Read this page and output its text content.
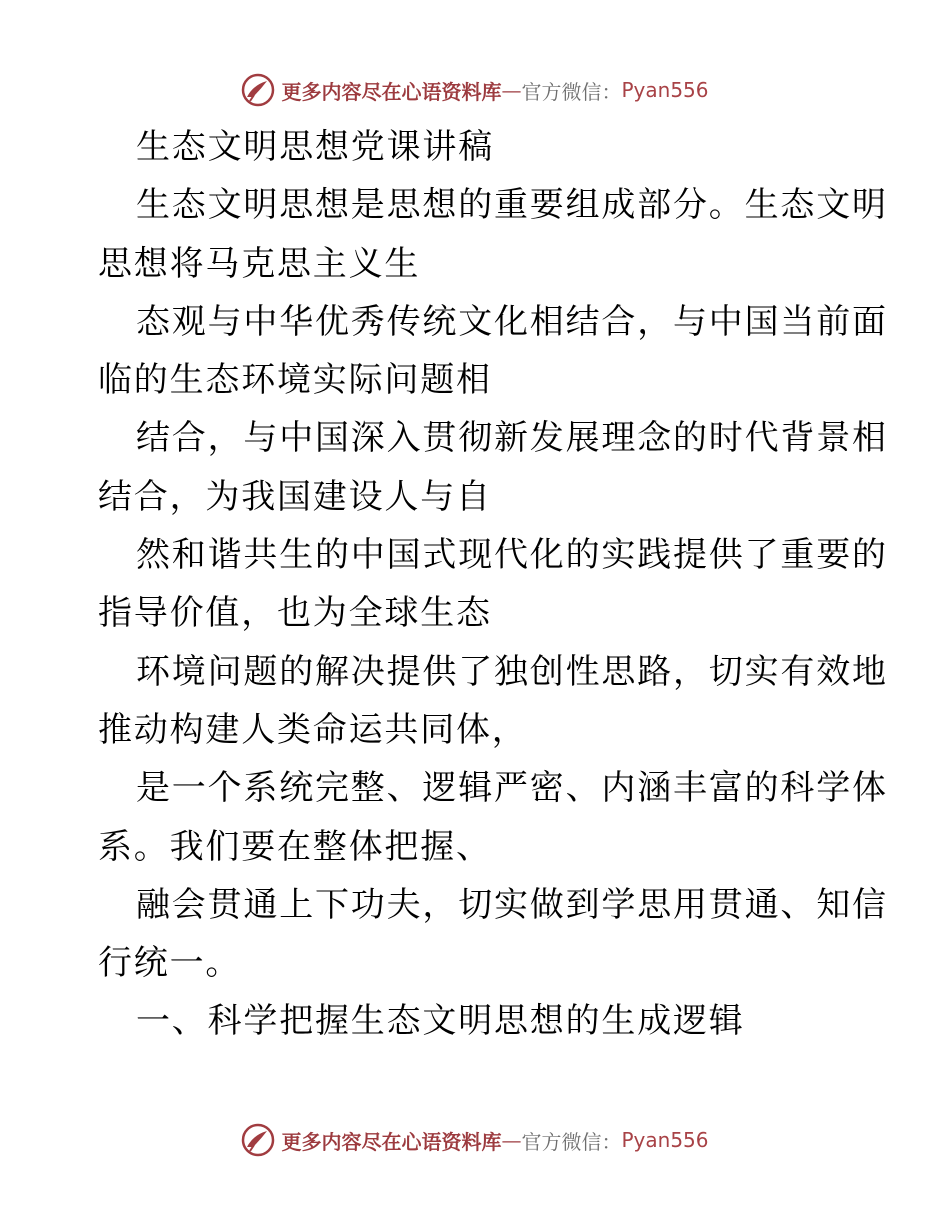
更多内容尽在心语资料库 — 官方微信： Pyan556
生态文明思想党课讲稿
生态文明思想是思想的重要组成部分。生态文明
思想将马克思主义生
态观与中华优秀传统文化相结合，与中国当前面
临的生态环境实际问题相
结合，与中国深入贯彻新发展理念的时代背景相
结合，为我国建设人与自
然和谐共生的中国式现代化的实践提供了重要的
指导价值，也为全球生态
环境问题的解决提供了独创性思路，切实有效地
推动构建人类命运共同体，
是一个系统完整、逻辑严密、内涵丰富的科学体
系。我们要在整体把握、
融会贯通上下功夫，切实做到学思用贯通、知信
行统一。
一、科学把握生态文明思想的生成逻辑
更多内容尽在心语资料库 — 官方微信： Pyan556
